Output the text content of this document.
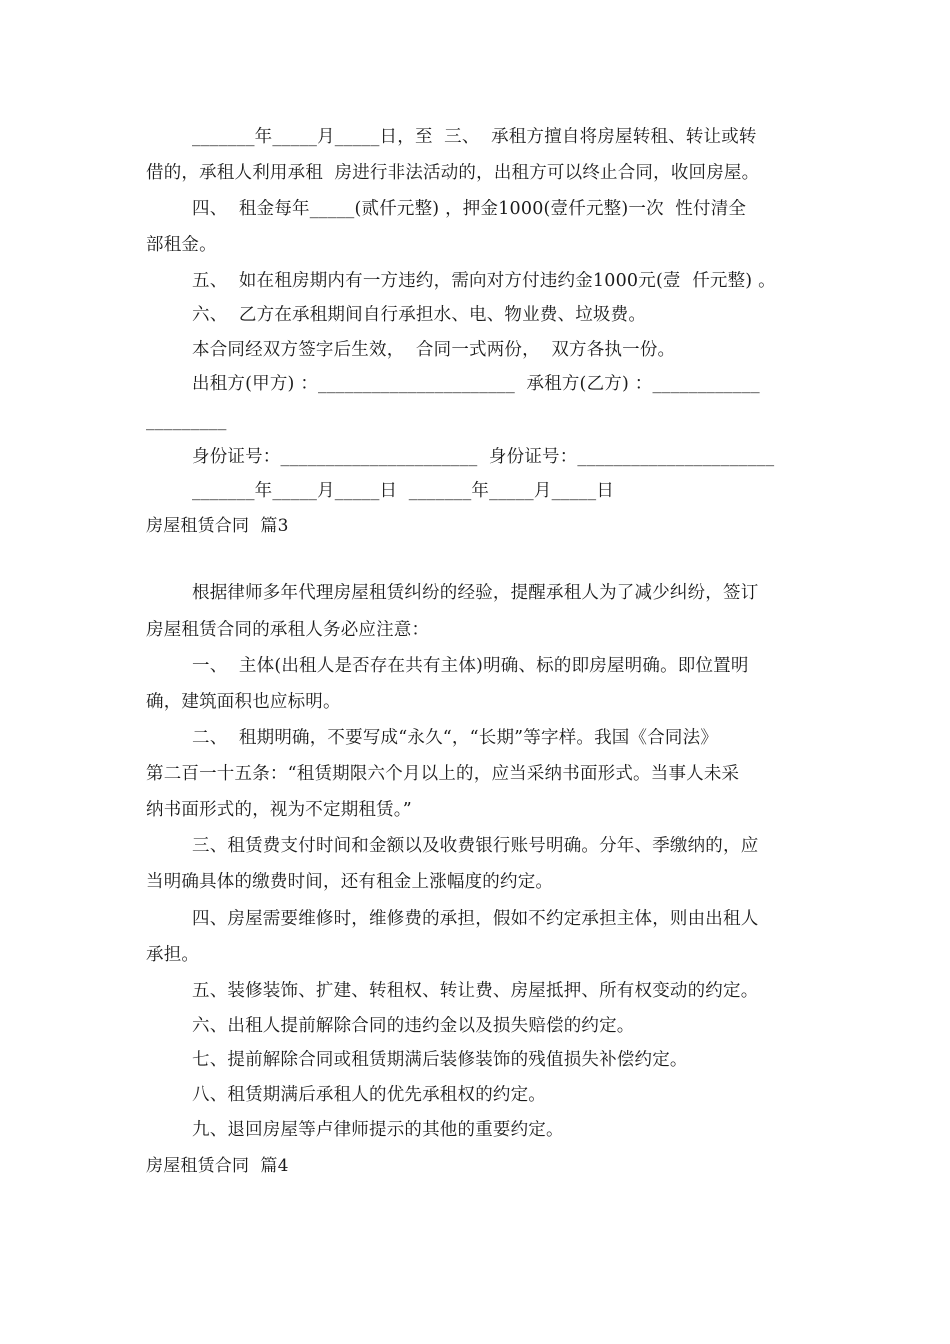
_______年_____月_____日，至  三、  承租方擅自将房屋转租、转让或转
借的，承租人利用承租  房进行非法活动的，出租方可以终止合同，收回房屋。
四、  租金每年_____(贰仟元整) ，押金1000(壹仟元整)一次  性付清全
部租金。
五、  如在租房期内有一方违约，需向对方付违约金1000元(壹  仟元整) 。
六、  乙方在承租期间自行承担水、电、物业费、垃圾费。
本合同经双方签字后生效，  合同一式两份，  双方各执一份。
出租方(甲方) ：______________________  承租方(乙方) ：____________
_________
身份证号：______________________  身份证号：______________________
_______年_____月_____日  _______年_____月_____日
房屋租赁合同  篇3
根据律师多年代理房屋租赁纠纷的经验，提醒承租人为了减少纠纷，签订
房屋租赁合同的承租人务必应注意：
一、  主体(出租人是否存在共有主体)明确、标的即房屋明确。即位置明
确，建筑面积也应标明。
二、  租期明确，不要写成“永久“，“长期”等字样。我国《合同法》
第二百一十五条：“租赁期限六个月以上的，应当采纳书面形式。当事人未采
纳书面形式的，视为不定期租赁。”
三、租赁费支付时间和金额以及收费银行账号明确。分年、季缴纳的，应
当明确具体的缴费时间，还有租金上涨幅度的约定。
四、房屋需要维修时，维修费的承担，假如不约定承担主体，则由出租人
承担。
五、装修装饰、扩建、转租权、转让费、房屋抵押、所有权变动的约定。
六、出租人提前解除合同的违约金以及损失赔偿的约定。
七、提前解除合同或租赁期满后装修装饰的残值损失补偿约定。
八、租赁期满后承租人的优先承租权的约定。
九、退回房屋等卢律师提示的其他的重要约定。
房屋租赁合同  篇4
